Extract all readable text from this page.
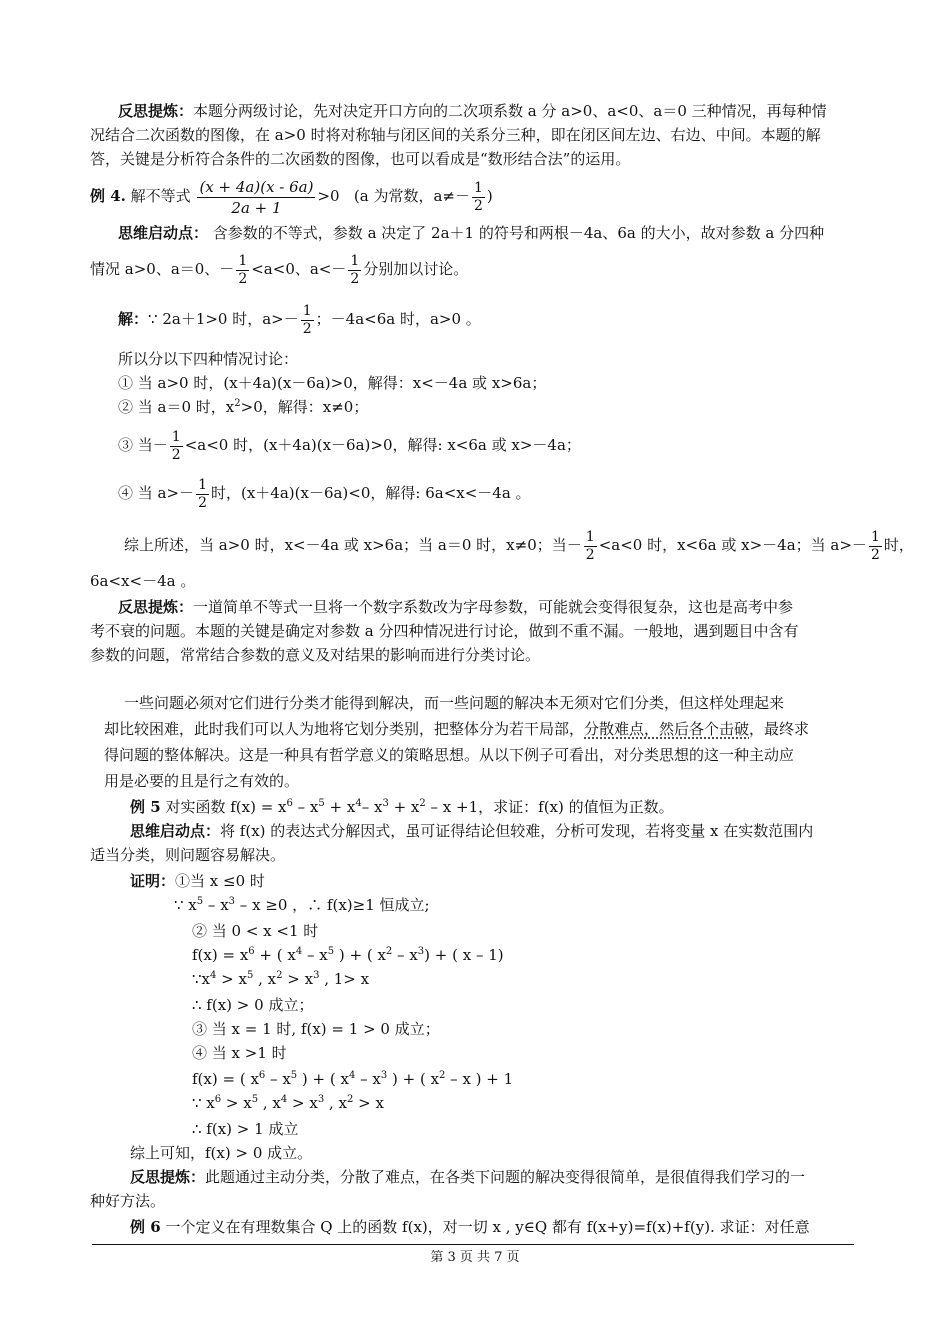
反思提炼：本题分两级讨论，先对决定开口方向的二次项系数 a 分 a>0、a<0、a＝0 三种情况，再每种情
况结合二次函数的图像，在 a>0 时将对称轴与闭区间的关系分三种，即在闭区间左边、右边、中间。本题的解
答，关键是分析符合条件的二次函数的图像，也可以看成是“数形结合法”的运用。
例 4. 解不等式 $\frac{(x + 4a)(x - 6a)}{2a + 1} >0$ (a 为常数，$a\ne- \frac{1}{2}$ )
思维启动点： 含参数的不等式，参数 a 决定了 2a＋1 的符号和两根－4a、6a 的大小，故对参数 a 分四种
情况 a>0、a＝0、－ $\frac{1}{2} <a<0$、$a<- \frac{1}{2}$ 分别加以讨论。
解：∵ 2a＋1>0 时，$a>- \frac{1}{2}$ ；－4a<6a 时，a>0 。
所以分以下四种情况讨论：
① 当 a>0 时，(x＋4a)(x－6a)>0，解得：x<－4a 或 x>6a；
② 当 a＝0 时，$x^2>0$，解得：x≠0；
③ 当－ $\frac{1}{2} <a<0$ 时，(x＋4a)(x－6a)>0，解得: x<6a 或 x>－4a；
④ 当 $a>- \frac{1}{2}$ 时，(x＋4a)(x－6a)<0，解得: 6a<x<－4a 。
综上所述，当 a>0 时，x<－4a 或 x>6a；当 a＝0 时，x≠0；当－ $\frac{1}{2} <a<0$ 时，x<6a 或 x>－4a；当 $a>- \frac{1}{2}$ 时，
6a<x<－4a 。
反思提炼：一道简单不等式一旦将一个数字系数改为字母参数，可能就会变得很复杂，这也是高考中参
考不衰的问题。本题的关键是确定对参数 a 分四种情况进行讨论，做到不重不漏。一般地，遇到题目中含有
参数的问题，常常结合参数的意义及对结果的影响而进行分类讨论。
一些问题必须对它们进行分类才能得到解决，而一些问题的解决本无须对它们分类，但这样处理起来
却比较困难，此时我们可以人为地将它划分类别，把整体分为若干局部，分散难点，然后各个击破，最终求
得问题的整体解决。这是一种具有哲学意义的策略思想。从以下例子可看出，对分类思想的这一种主动应
用是必要的且是行之有效的。
例 5 对实函数 $f(x) = x^6 - x^5 + x^4-$ $x^3 + x^2 - x +1$，求证：f(x) 的值恒为正数。
思维启动点：将 f(x) 的表达式分解因式，虽可证得结论但较难，分析可发现，若将变量 x 在实数范围内
适当分类，则问题容易解决。
证明：①当 x ≤0 时
∵ $x^5 - x^3 - x \ge 0$ ，∴ f(x)≥1 恒成立;
② 当 0 < x <1 时
$f(x) = x^6$ + ( $x^4 - x^5$ ) + ( $x^2 - x^3$) + ( x – 1)
$\because x^4 > x^5$ , $x^2 > x^3$ , 1> x
∴ f(x) > 0 成立；
③ 当 x = 1 时, f(x) = 1 > 0 成立；
④ 当 x >1 时
f(x) = ( $x^6 - x^5$ ) + ( $x^4 - x^3$ ) + ( $x^2$ – x ) + 1
∵ $x^6 > x^5$ , $x^4 > x^3$ , $x^2 > x$
∴ f(x) > 1 成立
综上可知，f(x) > 0 成立。
反思提炼：此题通过主动分类，分散了难点，在各类下问题的解决变得很简单，是很值得我们学习的一
种好方法。
例 6 一个定义在有理数集合 Q 上的函数 f(x)，对一切 x , y∈Q 都有 f(x+y)=f(x)+f(y). 求证：对任意
第 3 页 共 7 页
